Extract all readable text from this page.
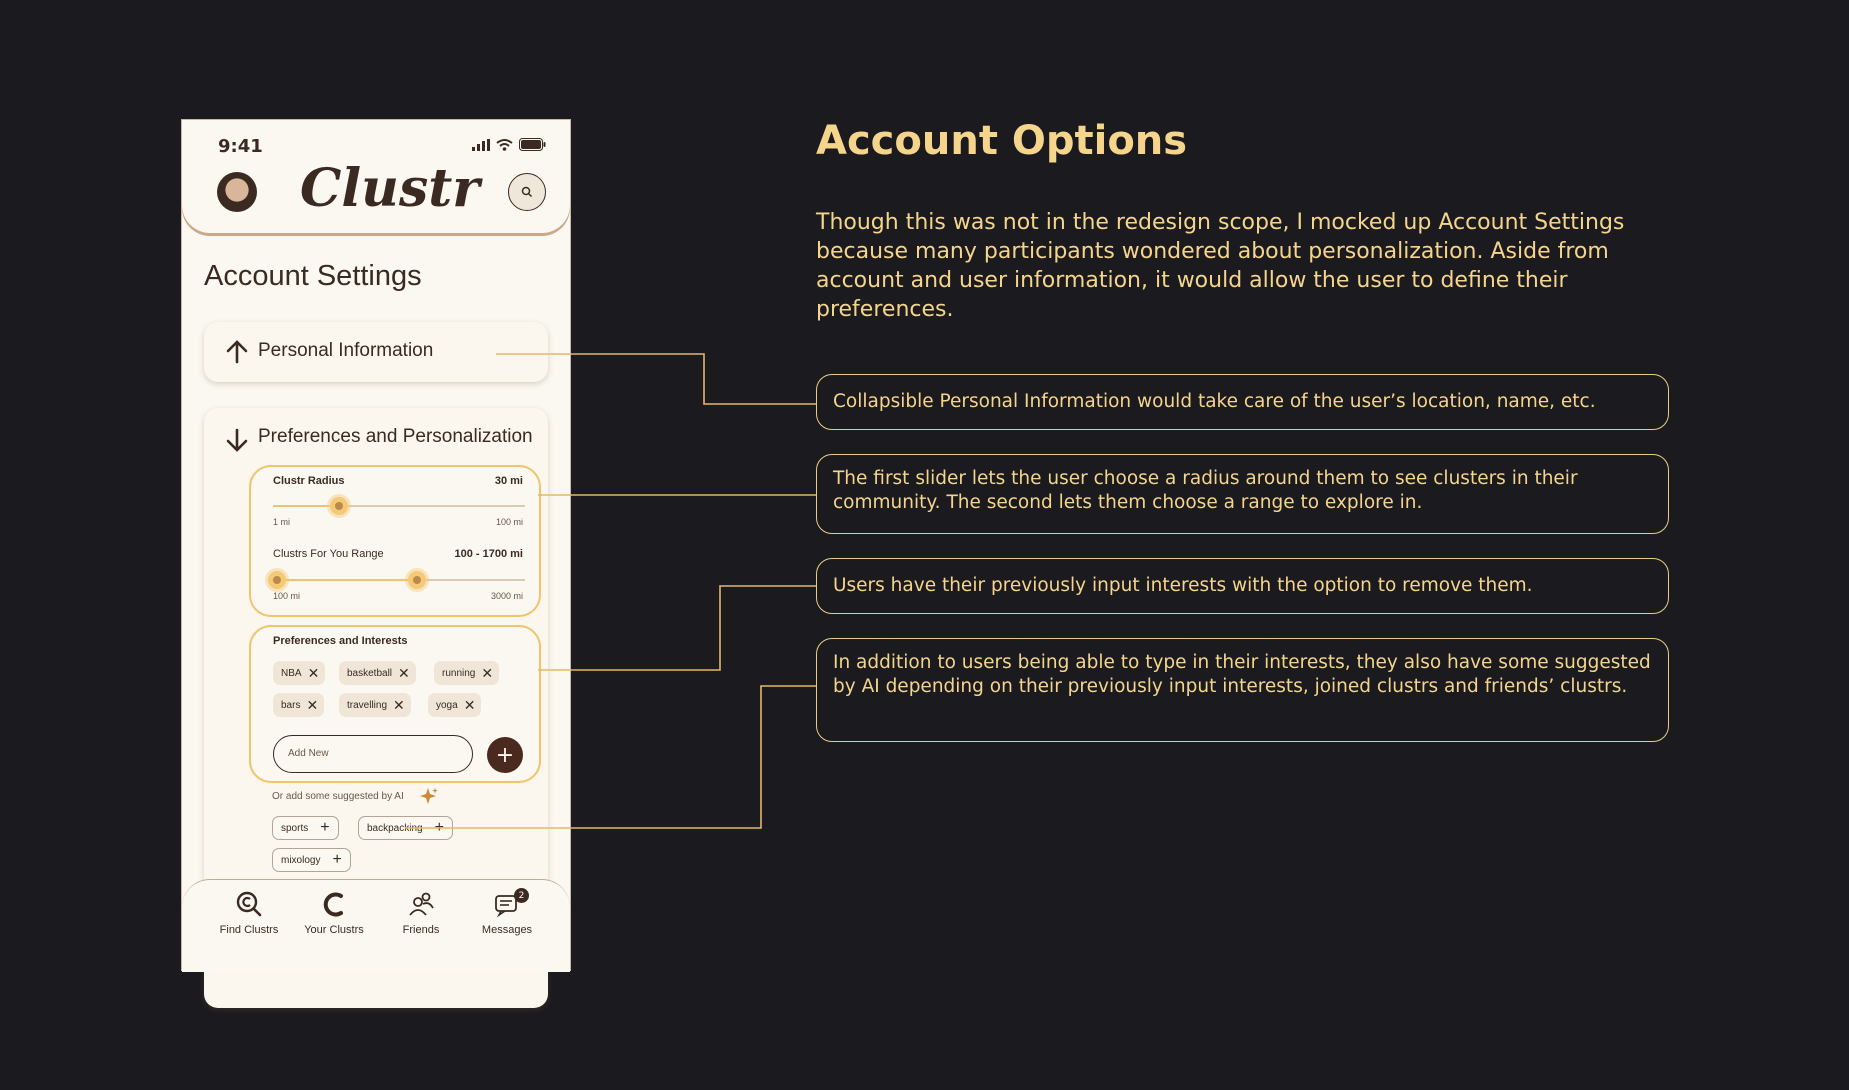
9:41
Clustr
Account Settings
Personal Information
Preferences and Personalization
Clustr Radius	30 mi
1 mi	100 mi
Clustrs For You Range	100 - 1700 mi
100 mi	3000 mi
Preferences and Interests
NBA ✕	basketball ✕	running ✕
bars ✕	travelling ✕	yoga ✕
Add New	+
Or add some suggested by AI
sports +	backpacking +
mixology +
Find Clustrs	Your Clustrs	Friends
2
Messages
Account Options
Though this was not in the redesign scope, I mocked up Account Settings because many participants wondered about personalization. Aside from account and user information, it would allow the user to define their preferences.
Collapsible Personal Information would take care of the user’s location, name, etc.
The first slider lets the user choose a radius around them to see clusters in their community. The second lets them choose a range to explore in.
Users have their previously input interests with the option to remove them.
In addition to users being able to type in their interests, they also have some suggested by AI depending on their previously input interests, joined clustrs and friends’ clustrs.
